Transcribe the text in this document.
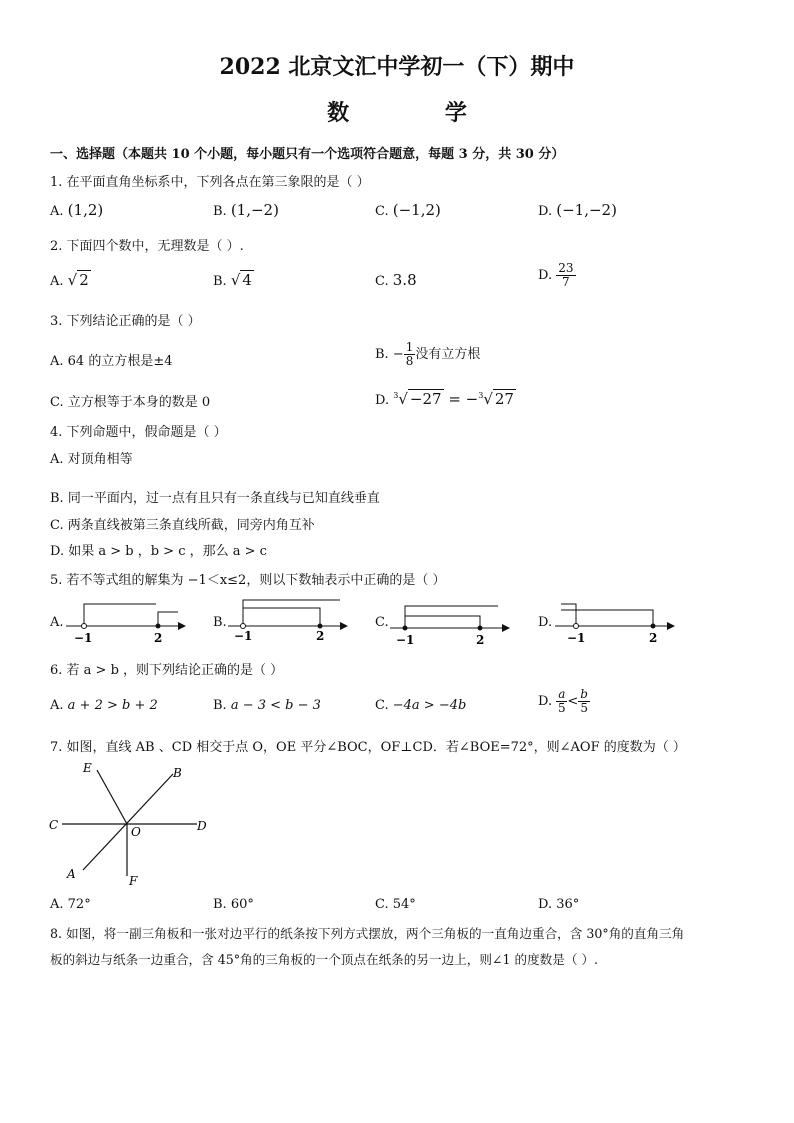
2022 北京文汇中学初一（下）期中
数 学
一、选择题（本题共 10 个小题，每小题只有一个选项符合题意，每题 3 分，共 30 分）
1. 在平面直角坐标系中，下列各点在第三象限的是（ ）
A. (1,2)	B. (1,−2)	C. (−1,2)	D. (−1,−2)
2. 下面四个数中，无理数是（ ）.
A. √ 2	B. √ 4	C. 3.8	D. $\frac{23}{7}$
3. 下列结论正确的是（ ）
A. 64 的立方根是±4	B. − $\frac{1}{8}$ 没有立方根
C. 立方根等于本身的数是 0	D. $^3$√ −27 = −$^3$√ 27
4. 下列命题中，假命题是（ ）
A. 对顶角相等
B. 同一平面内，过一点有且只有一条直线与已知直线垂直
C. 两条直线被第三条直线所截，同旁内角互补
D. 如果 a > b ，b > c ，那么 a > c
5. 若不等式组的解集为 −1＜x≤2，则以下数轴表示中正确的是（ ）
A.	B.	C.	D.
−1	2	−1	2	−1	2	−1	2
6. 若 a > b ，则下列结论正确的是（ ）
A. a + 2 > b + 2	B. a − 3 < b − 3	C. −4a > −4b	D. $\frac{a}{5} < \frac{b}{5}$
7. 如图，直线 AB 、CD 相交于点 O，OE 平分∠BOC，OF⊥CD．若∠BOE=72°，则∠AOF 的度数为（ ）
E	B
C	O	D
A	F
A. 72°	B. 60°	C. 54°	D. 36°
8. 如图，将一副三角板和一张对边平行的纸条按下列方式摆放，两个三角板的一直角边重合，含 30°角的直角三角
板的斜边与纸条一边重合，含 45°角的三角板的一个顶点在纸条的另一边上，则∠1 的度数是（ ）.
